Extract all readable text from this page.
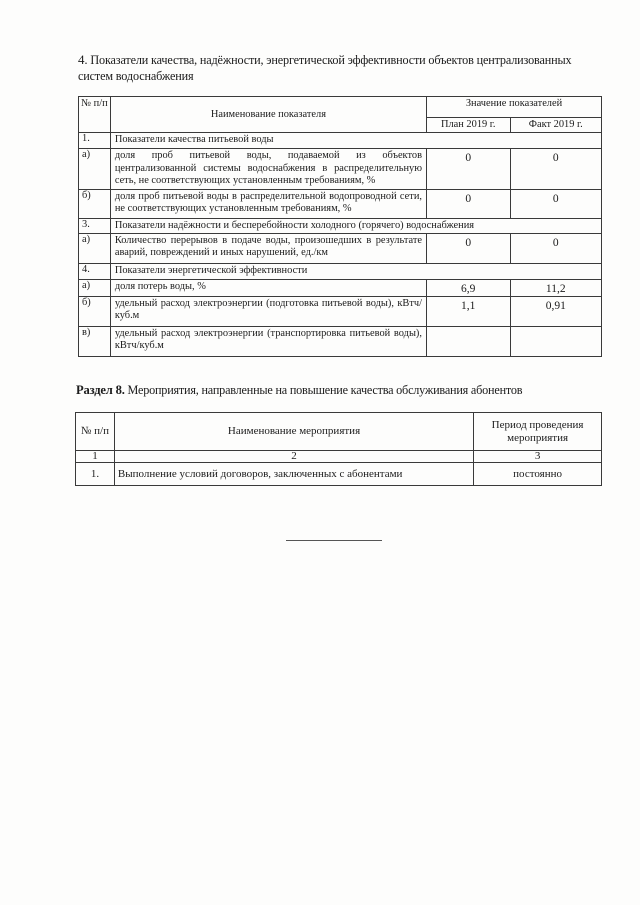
4. Показатели качества, надёжности, энергетической эффективности объектов централизованных систем водоснабжения
№ п/п	Наименование показателя	Значение показателей	
		План 2019 г.	Факт 2019 г.
1.	Показатели качества питьевой воды		
а)	доля проб питьевой воды, подаваемой из объектов централизованной системы водоснабжения в распределительную сеть, не соответствующих установленным требованиям, %	0	0
б)	доля проб питьевой воды в распределительной водопроводной сети, не соответствующих установленным требованиям, %	0	0
3.	Показатели надёжности и бесперебойности холодного (горячего) водоснабжения		
а)	Количество перерывов в подаче воды, произошедших в результате аварий, повреждений и иных нарушений, ед./км	0	0
4.	Показатели энергетической эффективности		
а)	доля потерь воды, %	6,9	11,2
б)	удельный расход электроэнергии (подготовка питьевой воды), кВтч/куб.м	1,1	0,91
в)	удельный расход электроэнергии (транспортировка питьевой воды), кВтч/куб.м		
Раздел 8. Мероприятия, направленные на повышение качества обслуживания абонентов
№ п/п	Наименование мероприятия	Период проведения мероприятия
1	2	3
1.	Выполнение условий договоров, заключенных с абонентами	постоянно
